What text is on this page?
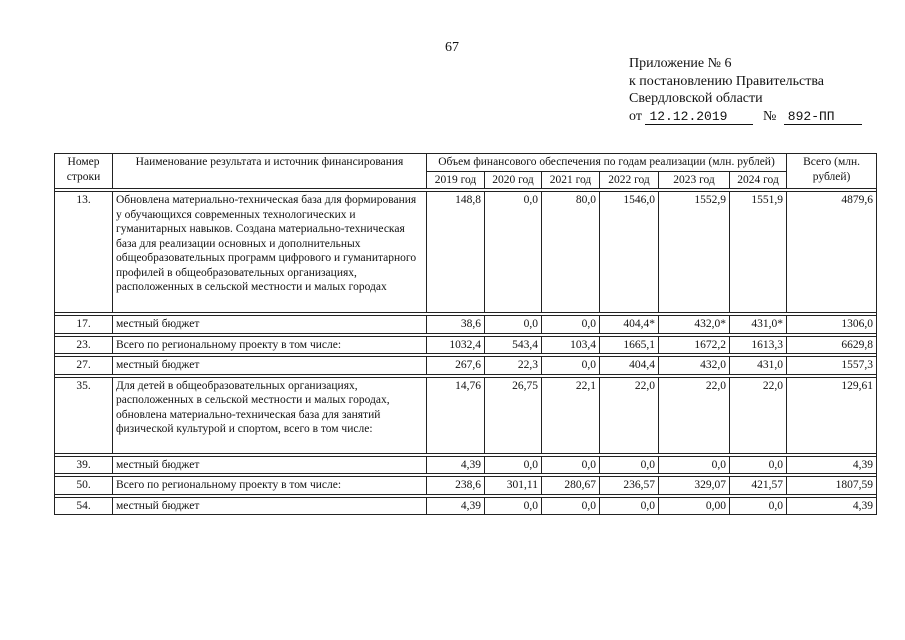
67
Приложение № 6
к постановлению Правительства
Свердловской области
от 12.12.2019	№ 892-ПП
Номер строки	Наименование результата и источник финансирования	Объем финансового обеспечения по годам реализации (млн. рублей)						Всего (млн. рублей)
		2019 год	2020 год	2021 год	2022 год	2023 год	2024 год	

13.	Обновлена материально-техническая база для формирования у обучающихся современных технологических и гуманитарных навыков. Создана материально-техническая база для реализации основных и дополнительных общеобразовательных программ цифрового и гуманитарного профилей в общеобразовательных организациях, расположенных в сельской местности и малых городах	148,8	0,0	80,0	1546,0	1552,9	1551,9	4879,6

17.	местный бюджет	38,6	0,0	0,0	404,4*	432,0*	431,0*	1306,0

23.	Всего по региональному проекту в том числе:	1032,4	543,4	103,4	1665,1	1672,2	1613,3	6629,8

27.	местный бюджет	267,6	22,3	0,0	404,4	432,0	431,0	1557,3

35.	Для детей в общеобразовательных организациях, расположенных в сельской местности и малых городах, обновлена материально-техническая база для занятий физической культурой и спортом, всего в том числе:	14,76	26,75	22,1	22,0	22,0	22,0	129,61

39.	местный бюджет	4,39	0,0	0,0	0,0	0,0	0,0	4,39

50.	Всего по региональному проекту в том числе:	238,6	301,11	280,67	236,57	329,07	421,57	1807,59

54.	местный бюджет	4,39	0,0	0,0	0,0	0,00	0,0	4,39
